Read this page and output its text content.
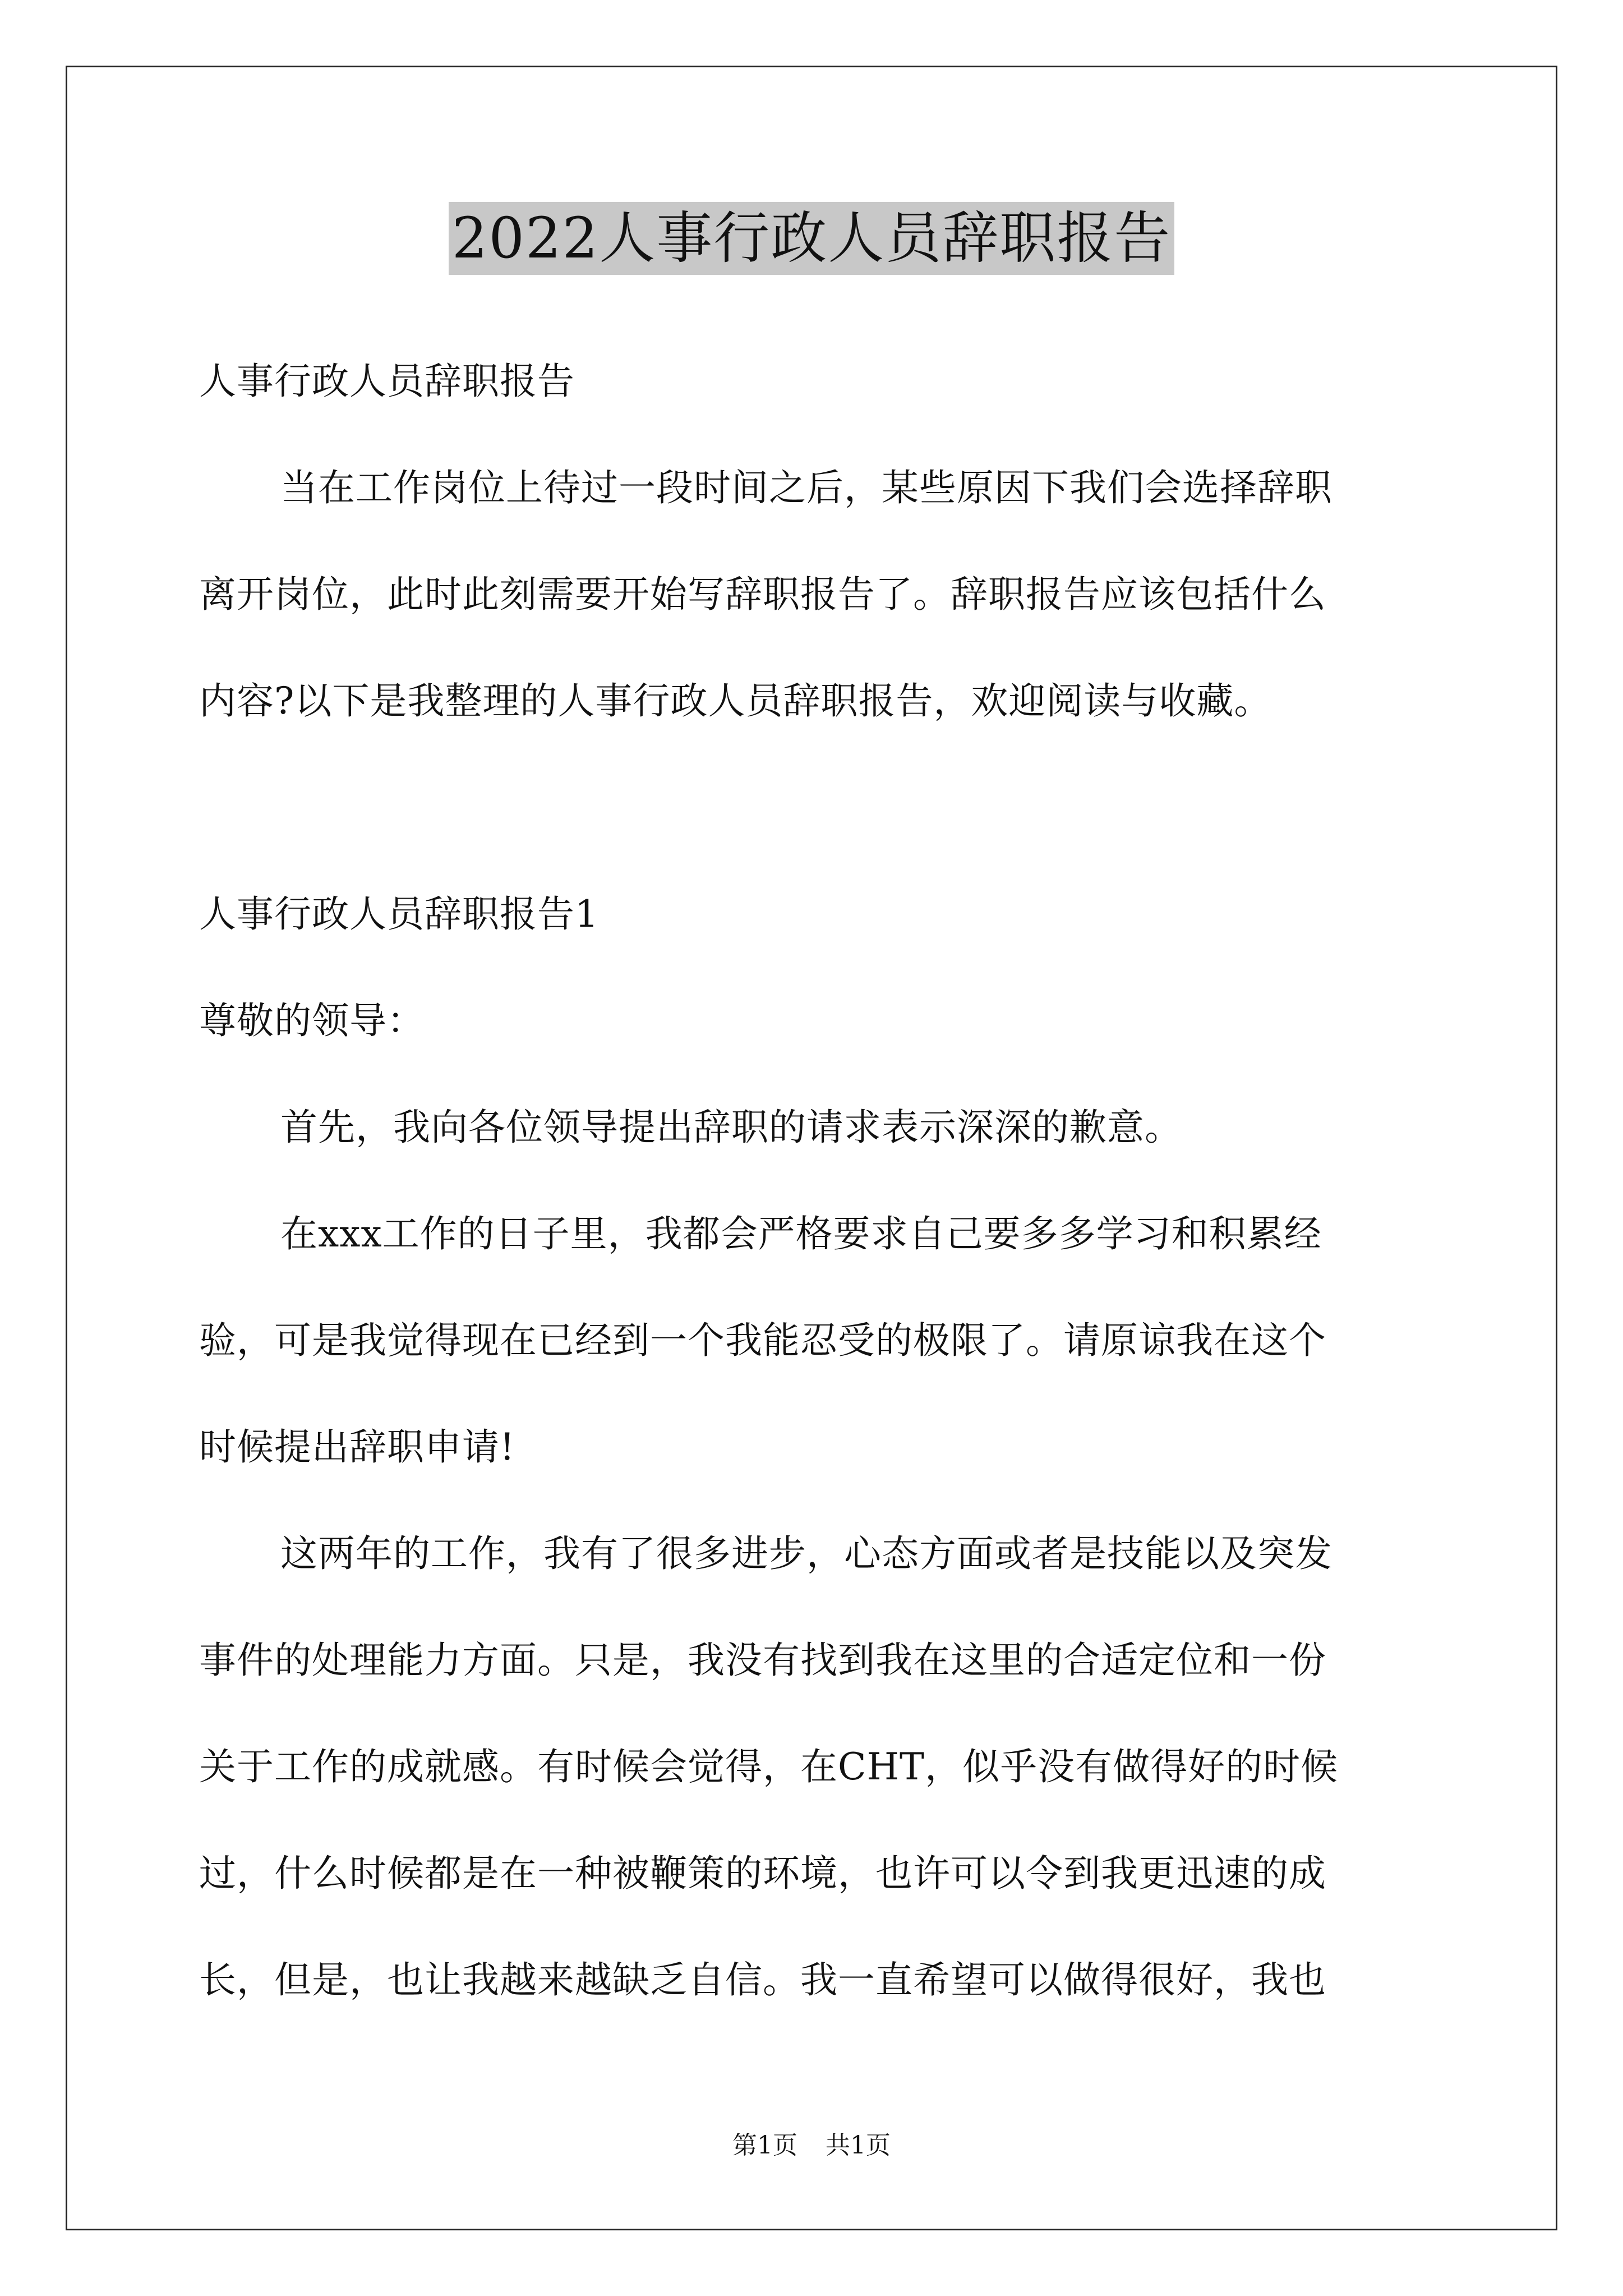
2022人事行政人员辞职报告
人事行政人员辞职报告
当在工作岗位上待过一段时间之后，某些原因下我们会选择辞职
离开岗位，此时此刻需要开始写辞职报告了。辞职报告应该包括什么
内容?以下是我整理的人事行政人员辞职报告，欢迎阅读与收藏。
人事行政人员辞职报告1
尊敬的领导：
首先，我向各位领导提出辞职的请求表示深深的歉意。
在xxx工作的日子里，我都会严格要求自己要多多学习和积累经
验，可是我觉得现在已经到一个我能忍受的极限了。请原谅我在这个
时候提出辞职申请!
这两年的工作，我有了很多进步，心态方面或者是技能以及突发
事件的处理能力方面。只是，我没有找到我在这里的合适定位和一份
关于工作的成就感。有时候会觉得，在CHT，似乎没有做得好的时候
过，什么时候都是在一种被鞭策的环境，也许可以令到我更迅速的成
长，但是，也让我越来越缺乏自信。我一直希望可以做得很好，我也
第1页 共1页
